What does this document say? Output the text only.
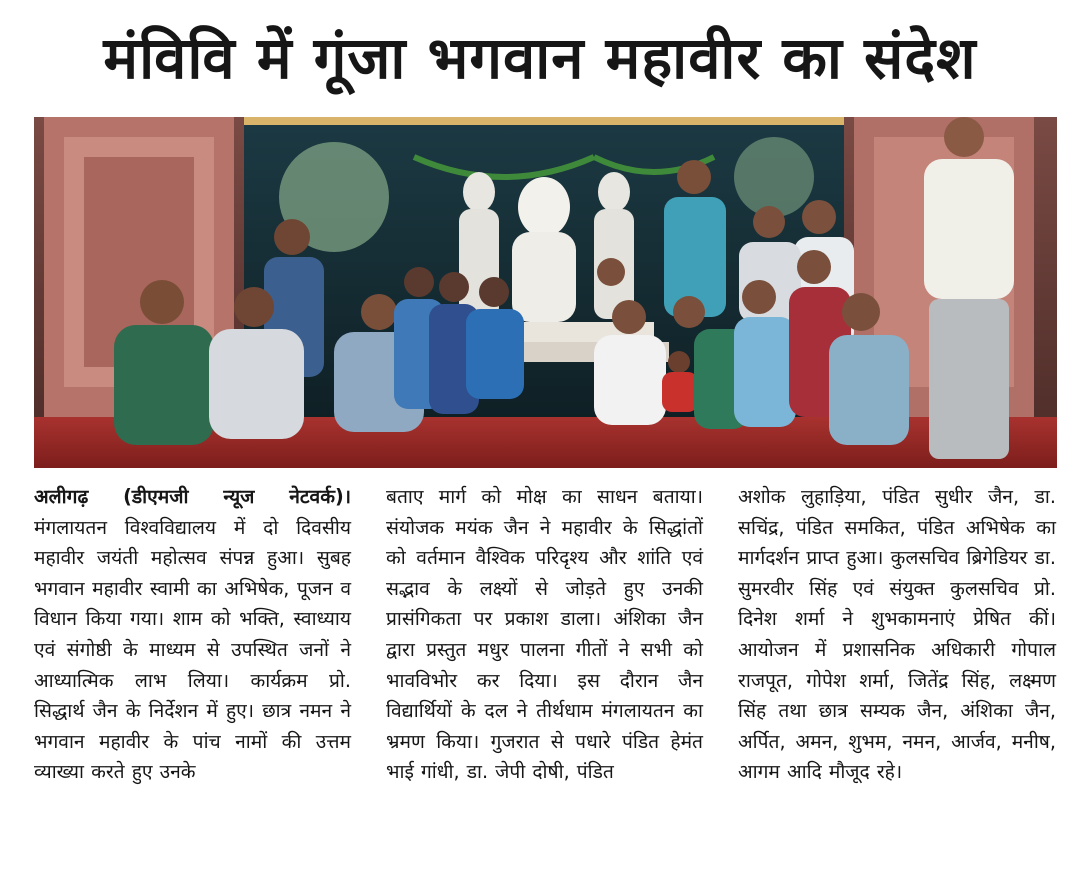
मंविवि में गूंजा भगवान महावीर का संदेश

अलीगढ़ (डीएमजी न्यूज नेटवर्क)।

मंगलायतन विश्वविद्यालय में दो दिवसीय महावीर जयंती महोत्सव संपन्न हुआ। सुबह भगवान महावीर स्वामी का अभिषेक, पूजन व विधान किया गया। शाम को भक्ति, स्वाध्याय एवं संगोष्ठी के माध्यम से उपस्थित जनों ने आध्यात्मिक लाभ लिया। कार्यक्रम प्रो. सिद्धार्थ जैन के निर्देशन में हुए। छात्र नमन ने भगवान महावीर के पांच नामों की उत्तम व्याख्या करते हुए उनके

बताए मार्ग को मोक्ष का साधन बताया। संयोजक मयंक जैन ने महावीर के सिद्धांतों को वर्तमान वैश्विक परिदृश्य और शांति एवं सद्भाव के लक्ष्यों से जोड़ते हुए उनकी प्रासंगिकता पर प्रकाश डाला। अंशिका जैन द्वारा प्रस्तुत मधुर पालना गीतों ने सभी को भावविभोर कर दिया। इस दौरान जैन विद्यार्थियों के दल ने तीर्थधाम मंगलायतन का भ्रमण किया। गुजरात से पधारे पंडित हेमंत भाई गांधी, डा. जेपी दोषी, पंडित

अशोक लुहाड़िया, पंडित सुधीर जैन, डा. सचिंद्र, पंडित समकित, पंडित अभिषेक का मार्गदर्शन प्राप्त हुआ। कुलसचिव ब्रिगेडियर डा. सुमरवीर सिंह एवं संयुक्त कुलसचिव प्रो. दिनेश शर्मा ने शुभकामनाएं प्रेषित कीं। आयोजन में प्रशासनिक अधिकारी गोपाल राजपूत, गोपेश शर्मा, जितेंद्र सिंह, लक्ष्मण सिंह तथा छात्र सम्यक जैन, अंशिका जैन, अर्पित, अमन, शुभम, नमन, आर्जव, मनीष, आगम आदि मौजूद रहे।
